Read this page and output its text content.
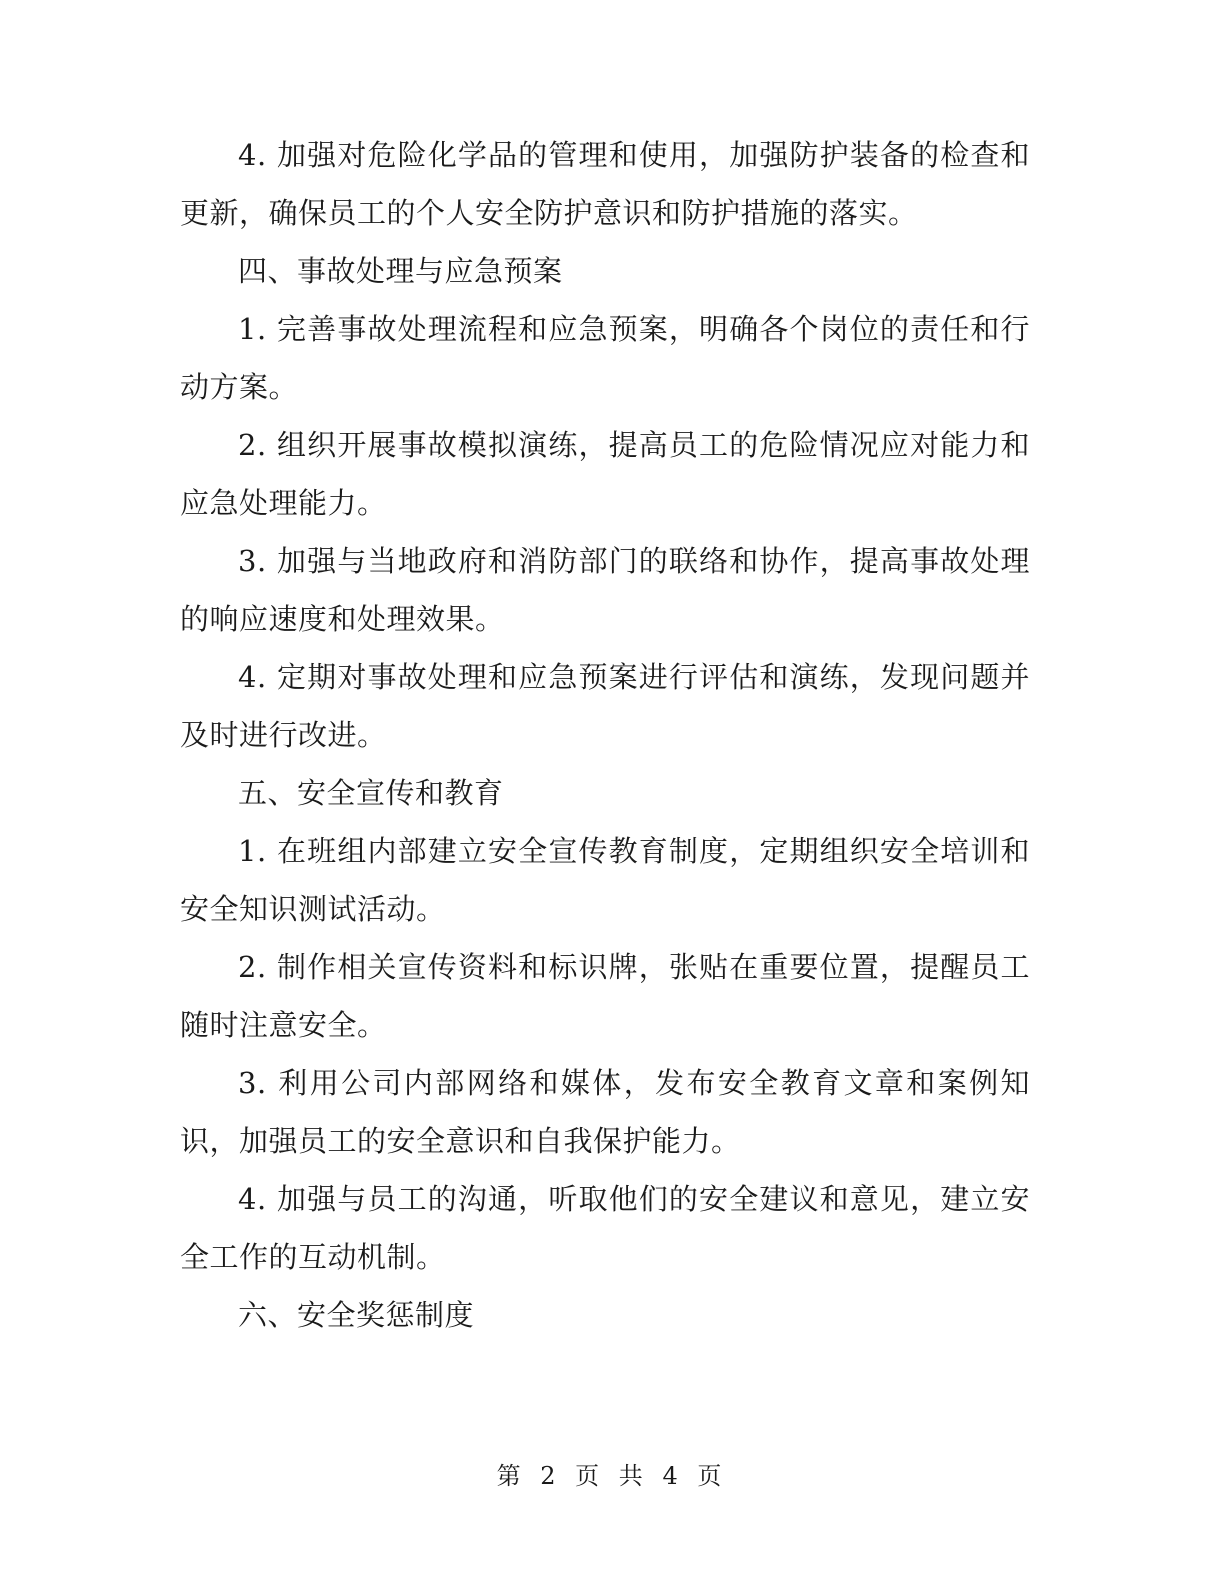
4. 加强对危险化学品的管理和使用，加强防护装备的检查和更新，确保员工的个人安全防护意识和防护措施的落实。

四、事故处理与应急预案

1. 完善事故处理流程和应急预案，明确各个岗位的责任和行动方案。

2. 组织开展事故模拟演练，提高员工的危险情况应对能力和应急处理能力。

3. 加强与当地政府和消防部门的联络和协作，提高事故处理的响应速度和处理效果。

4. 定期对事故处理和应急预案进行评估和演练，发现问题并及时进行改进。

五、安全宣传和教育

1. 在班组内部建立安全宣传教育制度，定期组织安全培训和安全知识测试活动。

2. 制作相关宣传资料和标识牌，张贴在重要位置，提醒员工随时注意安全。

3. 利用公司内部网络和媒体，发布安全教育文章和案例知识，加强员工的安全意识和自我保护能力。

4. 加强与员工的沟通，听取他们的安全建议和意见，建立安全工作的互动机制。

六、安全奖惩制度

第 2 页 共 4 页
